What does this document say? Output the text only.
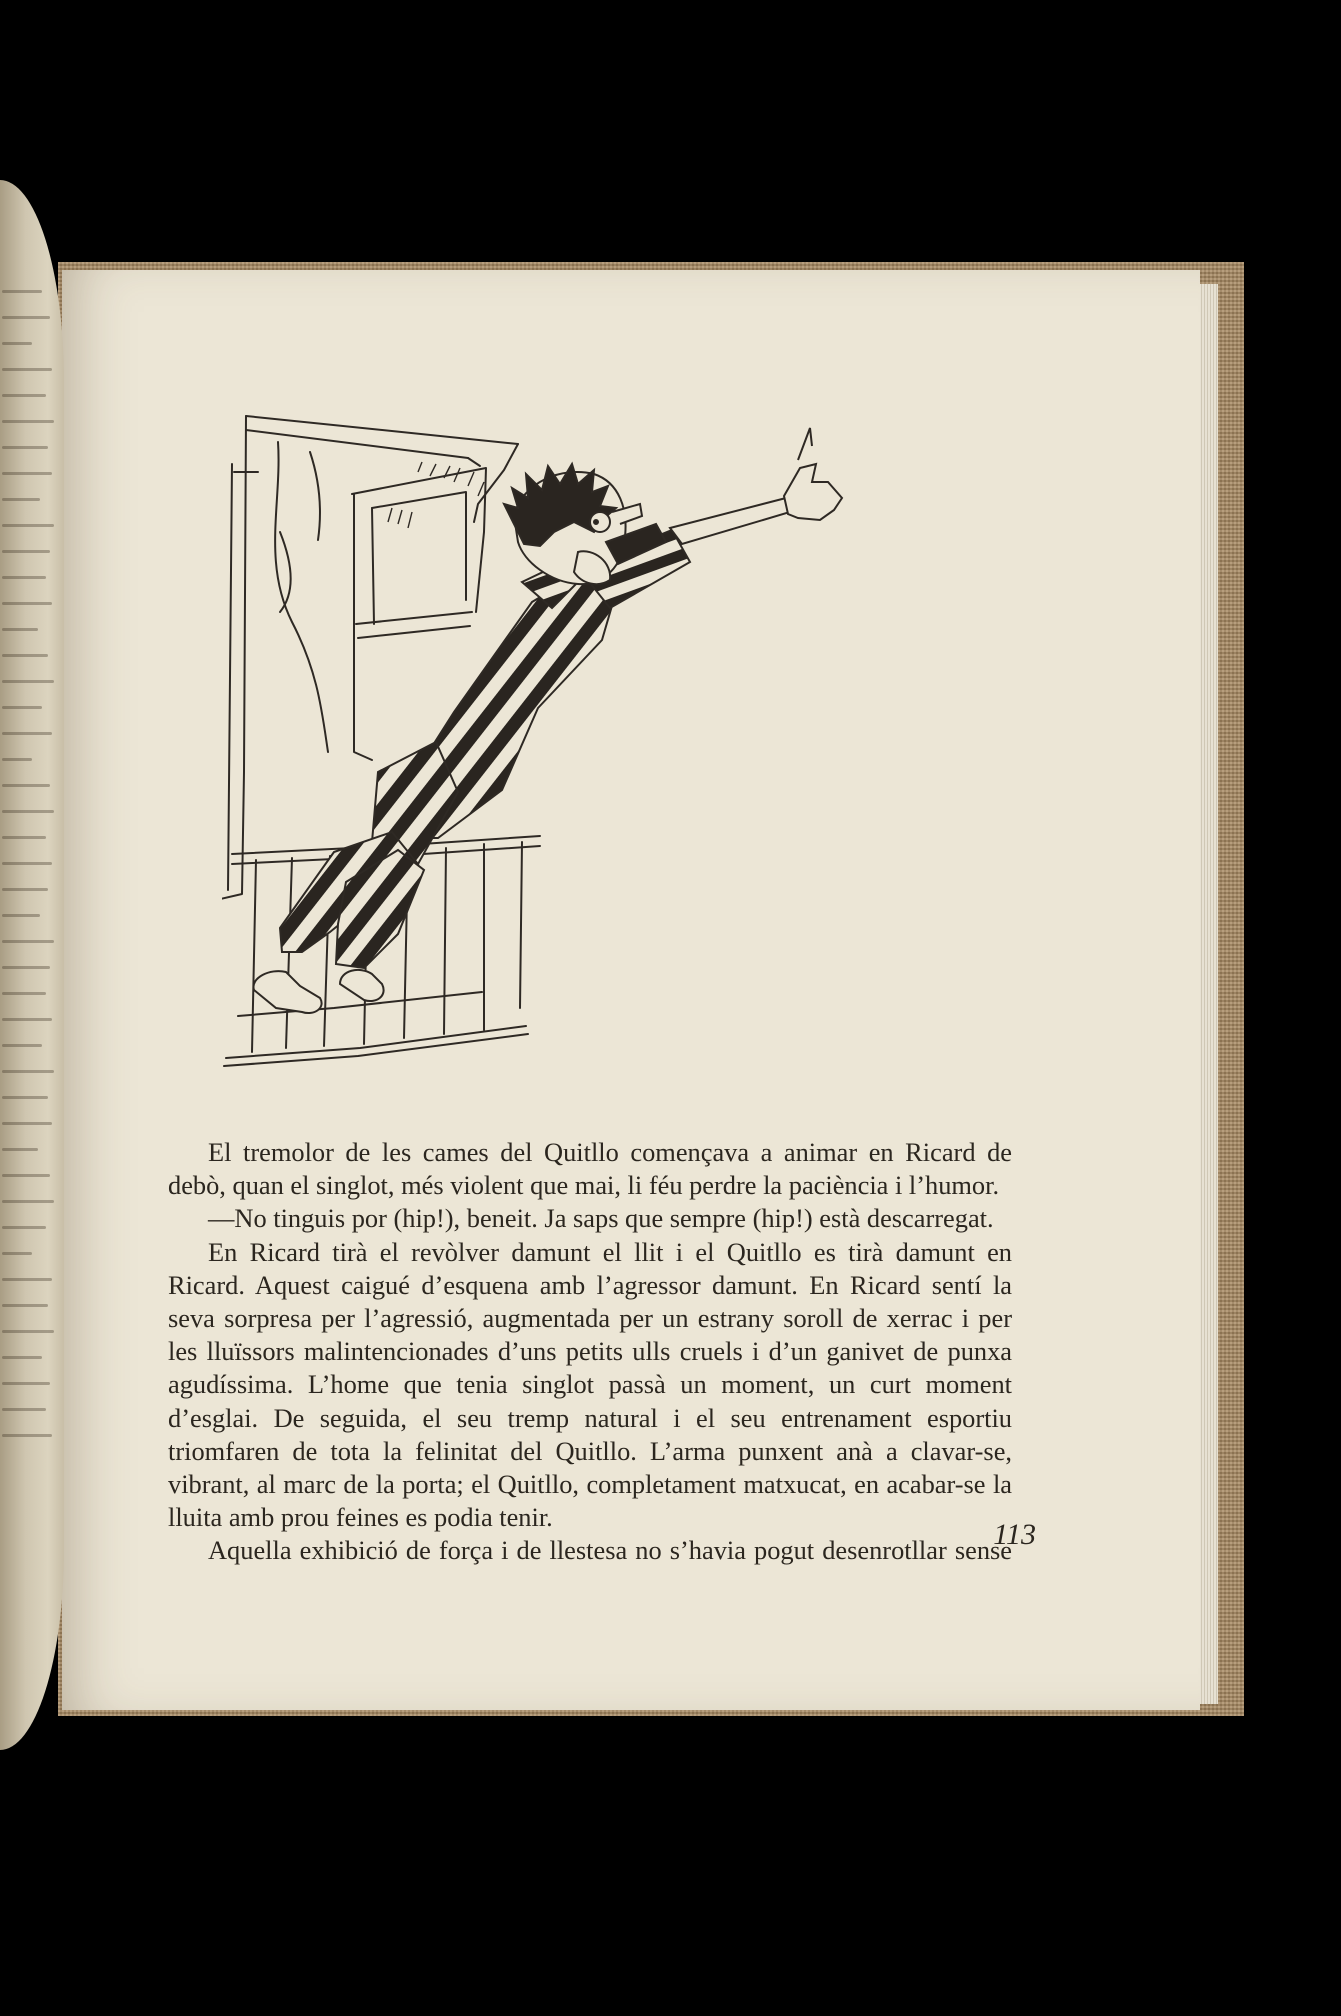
El tremolor de les cames del Quitllo començava a animar en Ricard de debò, quan el singlot, més violent que mai, li féu perdre la paciència i l’humor.

—No tinguis por (hip!), beneit. Ja saps que sempre (hip!) està descarregat.

En Ricard tirà el revòlver damunt el llit i el Quitllo es tirà damunt en Ricard. Aquest caigué d’esquena amb l’agressor damunt. En Ricard sentí la seva sorpresa per l’agressió, augmentada per un estrany soroll de xerrac i per les lluïssors malintencionades d’uns petits ulls cruels i d’un ganivet de punxa agudíssima. L’home que tenia singlot passà un moment, un curt moment d’esglai. De seguida, el seu tremp natural i el seu entrenament esportiu triomfaren de tota la felinitat del Quitllo. L’arma punxent anà a clavar-se, vibrant, al marc de la porta; el Quitllo, completament matxucat, en acabar-se la lluita amb prou feines es podia tenir.

Aquella exhibició de força i de llestesa no s’havia pogut desenrotllar sense

113
